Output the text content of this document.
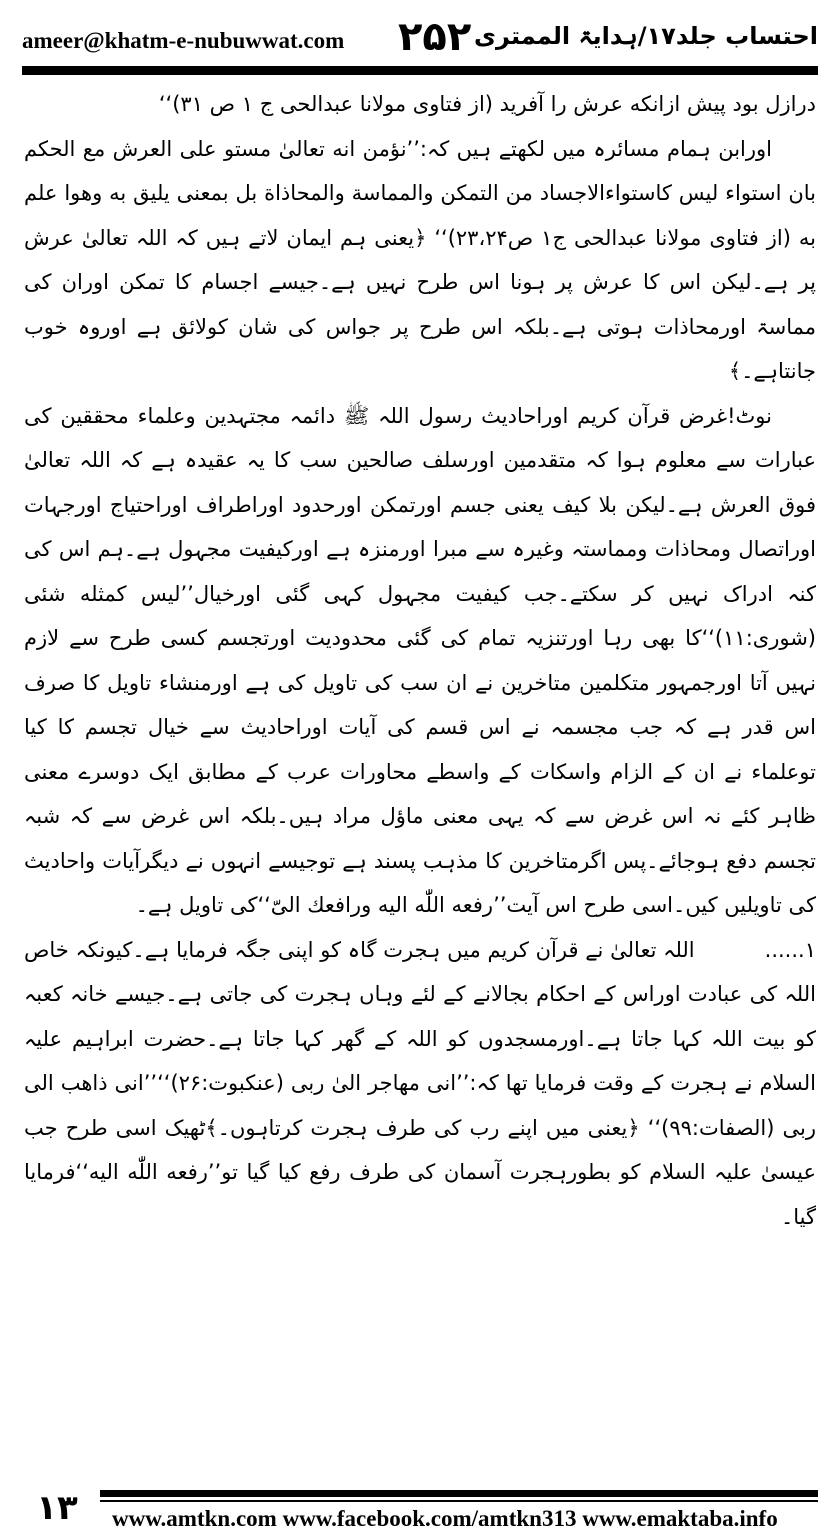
ameer@khatm-e-nubuwwat.com ۲۵۲ احتساب جلد۱۷/ہدایۃ الممتری

درازل بود پیش ازانکه عرش را آفرید (از فتاوی مولانا عبدالحی ج ۱ ص ۳۱)‘‘

اورابن ہمام مسائرہ میں لکھتے ہیں کہ:’’نؤمن انه تعالیٰ مستو علی العرش مع الحکم بان استواء لیس کاستواءالاجساد من التمکن والمماسة والمحاذاة بل بمعنی یلیق به وھوا علم به (از فتاوی مولانا عبدالحی ج۱ ص۲۳،۲۴)‘‘ ﴿یعنی ہم ایمان لاتے ہیں کہ اللہ تعالیٰ عرش پر ہے۔لیکن اس کا عرش پر ہونا اس طرح نہیں ہے۔جیسے اجسام کا تمکن اوران کی مماسۃ اورمحاذات ہوتی ہے۔بلکہ اس طرح پر جواس کی شان کولائق ہے اوروہ خوب جانتاہے۔﴾

نوٹ!غرض قرآن کریم اوراحادیث رسول اللہ ﷺ دائمہ مجتہدین وعلماء محققین کی عبارات سے معلوم ہوا کہ متقدمین اورسلف صالحین سب کا یہ عقیدہ ہے کہ اللہ تعالیٰ فوق العرش ہے۔لیکن بلا کیف یعنی جسم اورتمکن اورحدود اوراطراف اوراحتیاج اورجہات اوراتصال ومحاذات ومماستہ وغیرہ سے مبرا اورمنزہ ہے اورکیفیت مجہول ہے۔ہم اس کی کنہ ادراک نہیں کر سکتے۔جب کیفیت مجہول کہی گئی اورخیال’’لیس کمثله شئی (شوری:۱۱)‘‘کا بھی رہا اورتنزیہ تمام کی گئی محدودیت اورتجسم کسی طرح سے لازم نہیں آتا اورجمہور متکلمین متاخرین نے ان سب کی تاویل کی ہے اورمنشاء تاویل کا صرف اس قدر ہے کہ جب مجسمہ نے اس قسم کی آیات اوراحادیث سے خیال تجسم کا کیا توعلماء نے ان کے الزام واسکات کے واسطے محاورات عرب کے مطابق ایک دوسرے معنی ظاہر کئے نہ اس غرض سے کہ یہی معنی ماؤل مراد ہیں۔بلکہ اس غرض سے کہ شبہ تجسم دفع ہوجائے۔پس اگرمتاخرین کا مذہب پسند ہے توجیسے انہوں نے دیگرآیات واحادیث کی تاویلیں کیں۔اسی طرح اس آیت’’رفعه اللّٰه الیه ورافعك الیّ‘‘کی تاویل ہے۔

۱......اللہ تعالیٰ نے قرآن کریم میں ہجرت گاہ کو اپنی جگہ فرمایا ہے۔کیونکہ خاص اللہ کی عبادت اوراس کے احکام بجالانے کے لئے وہاں ہجرت کی جاتی ہے۔جیسے خانہ کعبہ کو بیت اللہ کہا جاتا ہے۔اورمسجدوں کو اللہ کے گھر کہا جاتا ہے۔حضرت ابراہیم علیہ السلام نے ہجرت کے وقت فرمایا تھا کہ:’’انی مھاجر الیٰ ربی (عنکبوت:۲۶)‘‘’’انی ذاھب الی ربی (الصفات:۹۹)‘‘ ﴿یعنی میں اپنے رب کی طرف ہجرت کرتاہوں۔﴾ٹھیک اسی طرح جب عیسیٰ علیہ السلام کو بطورہجرت آسمان کی طرف رفع کیا گیا تو’’رفعه اللّٰه الیه‘‘فرمایا گیا۔

۱۳	www.amtkn.com www.facebook.com/amtkn313 www.emaktaba.info
